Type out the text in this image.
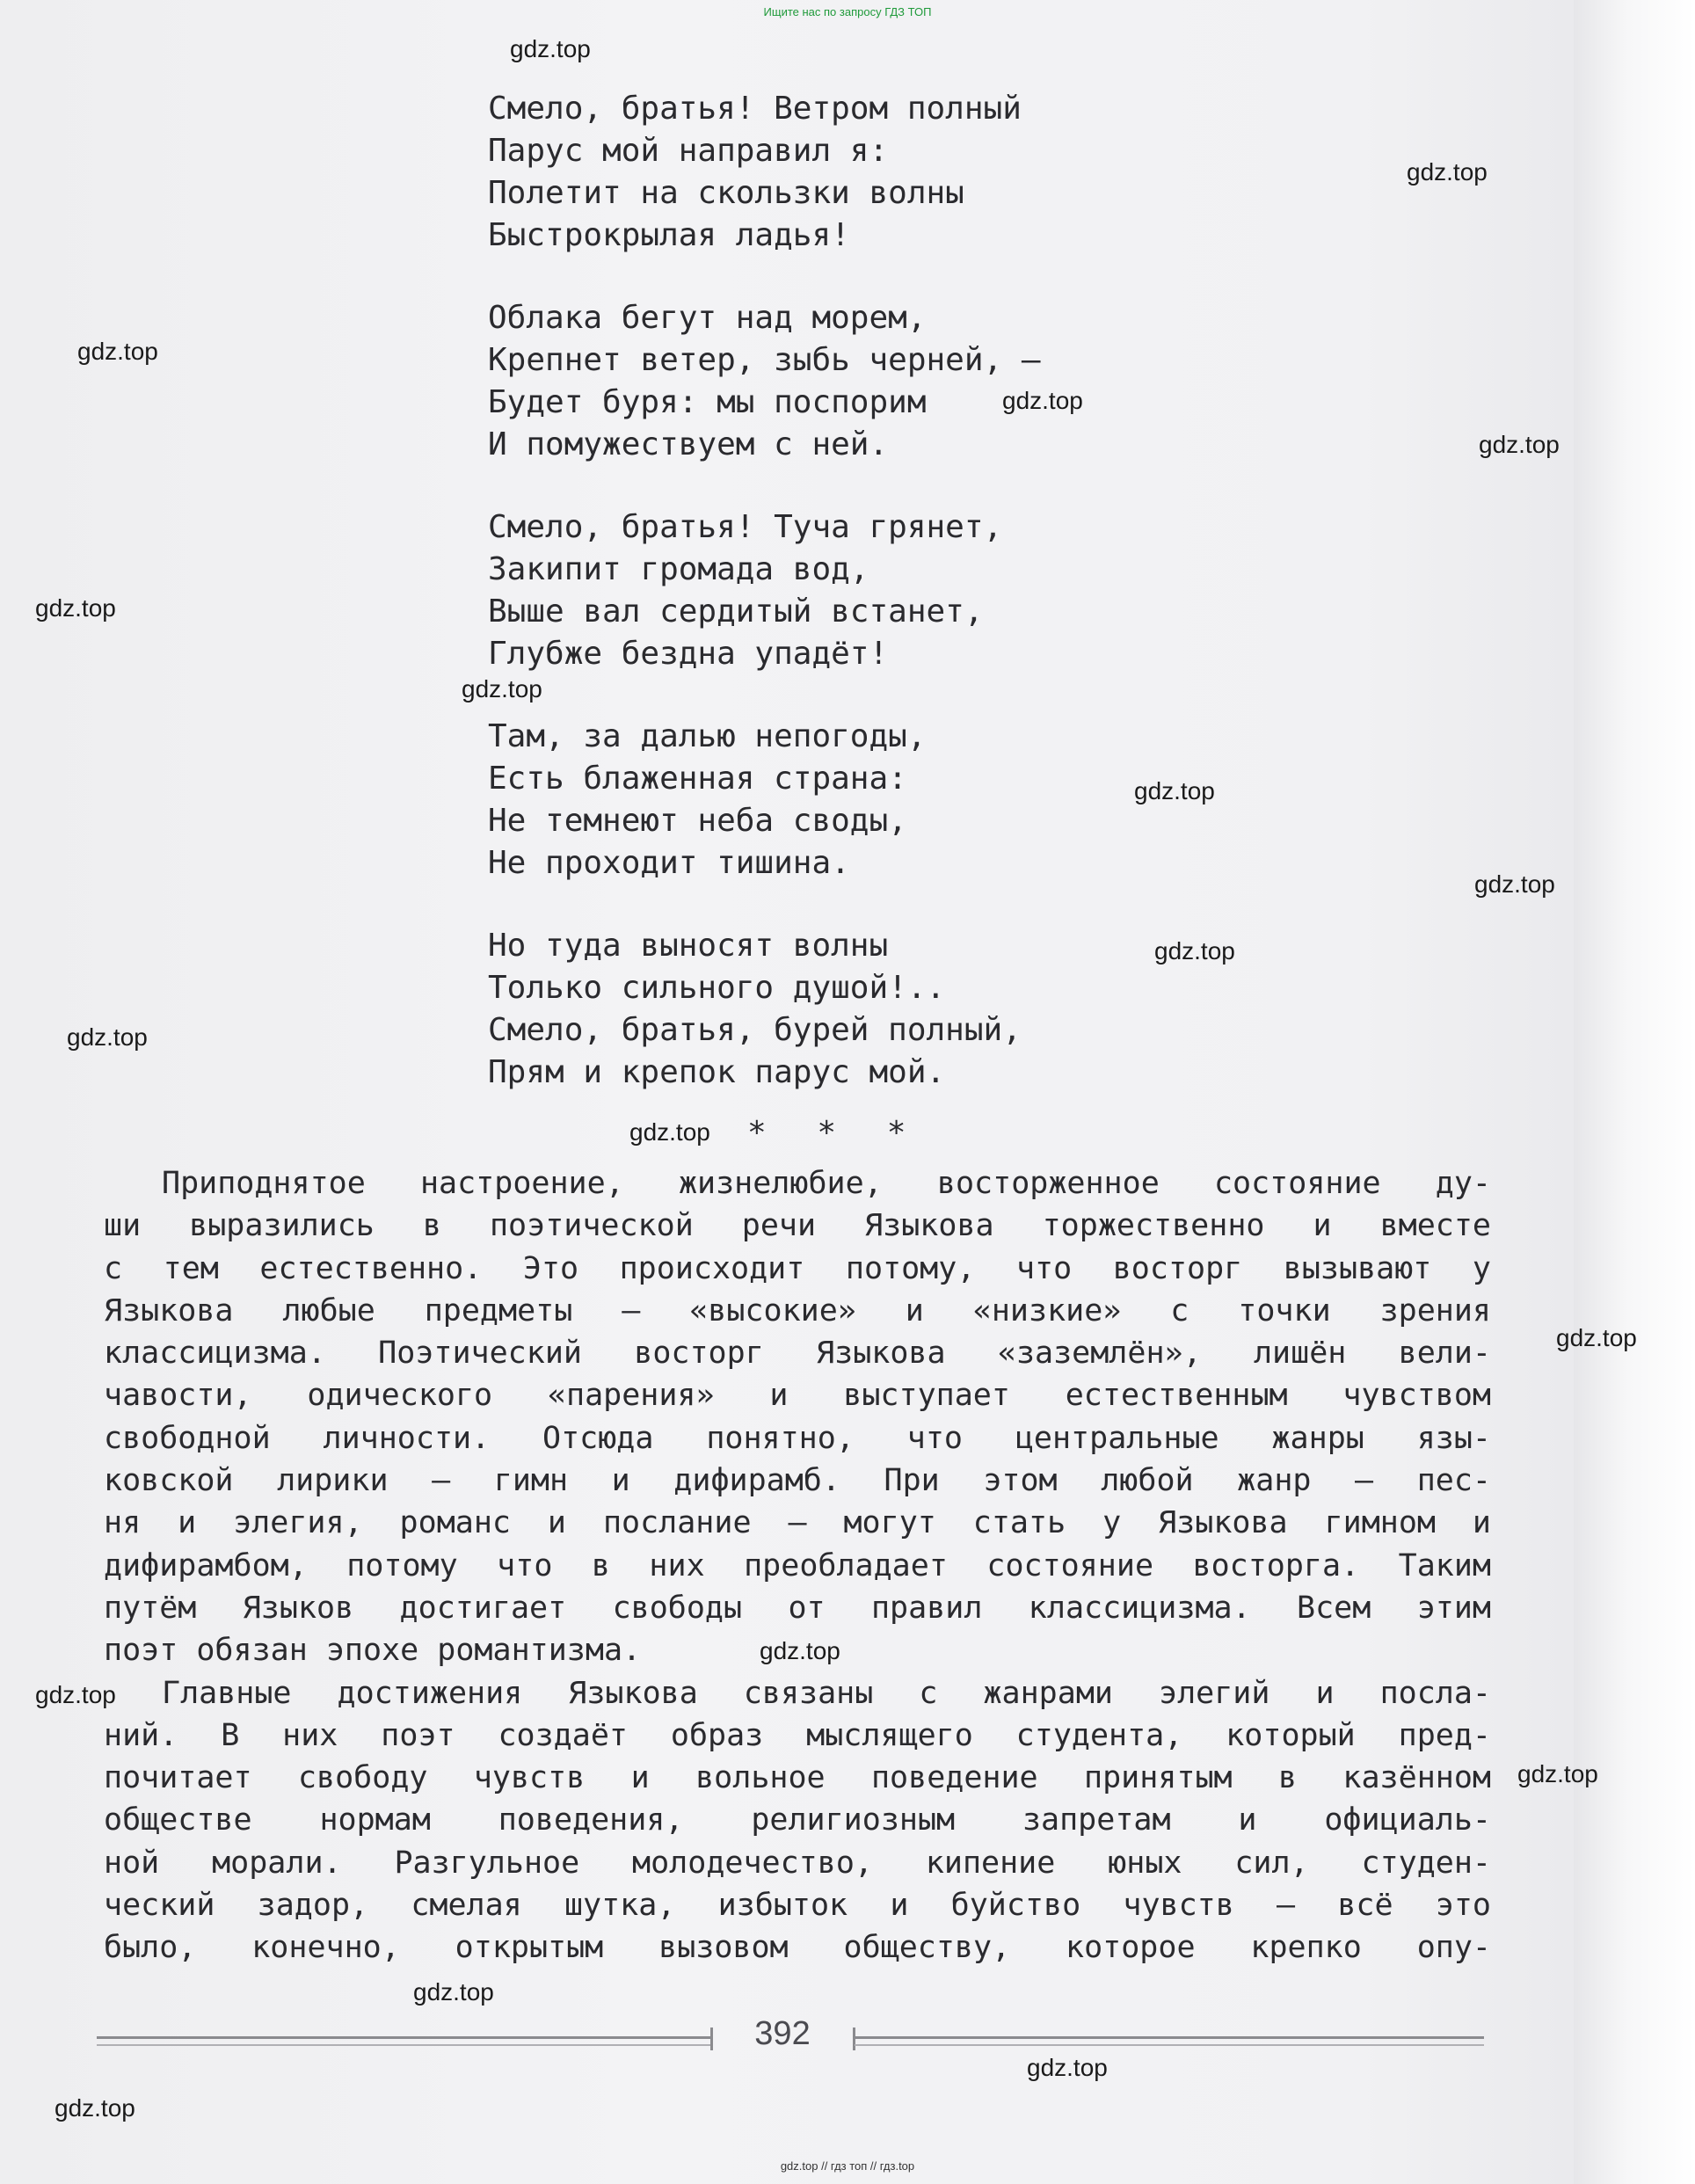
Ищите нас по запросу ГДЗ ТОП
Смело, братья! Ветром полный
Парус мой направил я:
Полетит на скользки волны
Быстрокрылая ладья!
Облака бегут над морем,
Крепнет ветер, зыбь черней, —
Будет буря: мы поспорим
И помужествуем с ней.
Смело, братья! Туча грянет,
Закипит громада вод,
Выше вал сердитый встанет,
Глубже бездна упадёт!
Там, за далью непогоды,
Есть блаженная страна:
Не темнеют неба своды,
Не проходит тишина.
Но туда выносят волны
Только сильного душой!..
Смело, братья, бурей полный,
Прям и крепок парус мой.
* * *
Приподнятое настроение, жизнелюбие, восторженное состояние ду-
ши выразились в поэтической речи Языкова торжественно и вместе
с тем естественно. Это происходит потому, что восторг вызывают у
Языкова любые предметы — «высокие» и «низкие» с точки зрения
классицизма. Поэтический восторг Языкова «заземлён», лишён вели-
чавости, одического «парения» и выступает естественным чувством
свободной личности. Отсюда понятно, что центральные жанры язы-
ковской лирики — гимн и дифирамб. При этом любой жанр — пес-
ня и элегия, романс и послание — могут стать у Языкова гимном и
дифирамбом, потому что в них преобладает состояние восторга. Таким
путём Языков достигает свободы от правил классицизма. Всем этим
поэт обязан эпохе романтизма.
Главные достижения Языкова связаны с жанрами элегий и посла-
ний. В них поэт создаёт образ мыслящего студента, который пред-
почитает свободу чувств и вольное поведение принятым в казённом
обществе нормам поведения, религиозным запретам и официаль-
ной морали. Разгульное молодечество, кипение юных сил, студен-
ческий задор, смелая шутка, избыток и буйство чувств — всё это
было, конечно, открытым вызовом обществу, которое крепко опу-
392
gdz.top
gdz.top
gdz.top
gdz.top
gdz.top
gdz.top
gdz.top
gdz.top
gdz.top
gdz.top
gdz.top
gdz.top
gdz.top
gdz.top
gdz.top
gdz.top
gdz.top
gdz.top
gdz.top
gdz.top // гдз топ // гдз.top
